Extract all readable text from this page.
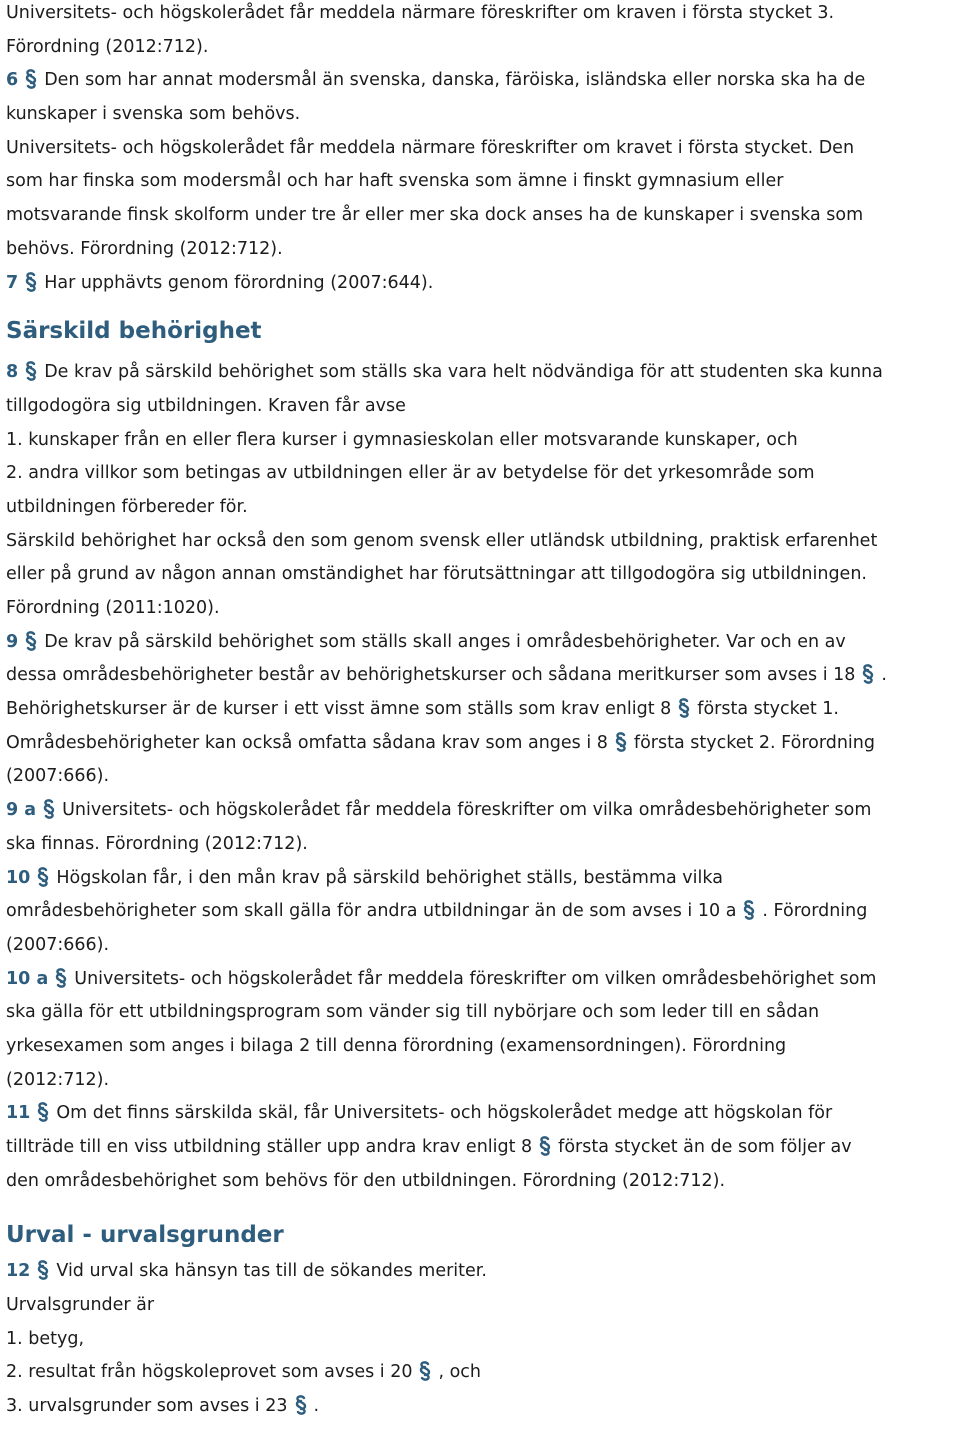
Universitets- och högskolerådet får meddela närmare föreskrifter om kraven i första stycket 3.
Förordning (2012:712).
6 Den som har annat modersmål än svenska, danska, färöiska, isländska eller norska ska ha de
kunskaper i svenska som behövs.
Universitets- och högskolerådet får meddela närmare föreskrifter om kravet i första stycket. Den
som har finska som modersmål och har haft svenska som ämne i finskt gymnasium eller
motsvarande finsk skolform under tre år eller mer ska dock anses ha de kunskaper i svenska som
behövs. Förordning (2012:712).
7 Har upphävts genom förordning (2007:644).
Särskild behörighet
8 De krav på särskild behörighet som ställs ska vara helt nödvändiga för att studenten ska kunna
tillgodogöra sig utbildningen. Kraven får avse
1. kunskaper från en eller flera kurser i gymnasieskolan eller motsvarande kunskaper, och
2. andra villkor som betingas av utbildningen eller är av betydelse för det yrkesområde som
utbildningen förbereder för.
Särskild behörighet har också den som genom svensk eller utländsk utbildning, praktisk erfarenhet
eller på grund av någon annan omständighet har förutsättningar att tillgodogöra sig utbildningen.
Förordning (2011:1020).
9 De krav på särskild behörighet som ställs skall anges i områdesbehörigheter. Var och en av
dessa områdesbehörigheter består av behörighetskurser och sådana meritkurser som avses i 18 .
Behörighetskurser är de kurser i ett visst ämne som ställs som krav enligt 8 första stycket 1.
Områdesbehörigheter kan också omfatta sådana krav som anges i 8 första stycket 2. Förordning
(2007:666).
9 a Universitets- och högskolerådet får meddela föreskrifter om vilka områdesbehörigheter som
ska finnas. Förordning (2012:712).
10 Högskolan får, i den mån krav på särskild behörighet ställs, bestämma vilka
områdesbehörigheter som skall gälla för andra utbildningar än de som avses i 10 a . Förordning
(2007:666).
10 a Universitets- och högskolerådet får meddela föreskrifter om vilken områdesbehörighet som
ska gälla för ett utbildningsprogram som vänder sig till nybörjare och som leder till en sådan
yrkesexamen som anges i bilaga 2 till denna förordning (examensordningen). Förordning
(2012:712).
11 Om det finns särskilda skäl, får Universitets- och högskolerådet medge att högskolan för
tillträde till en viss utbildning ställer upp andra krav enligt 8 första stycket än de som följer av
den områdesbehörighet som behövs för den utbildningen. Förordning (2012:712).
Urval - urvalsgrunder
12 Vid urval ska hänsyn tas till de sökandes meriter.
Urvalsgrunder är
1. betyg,
2. resultat från högskoleprovet som avses i 20 , och
3. urvalsgrunder som avses i 23 .
